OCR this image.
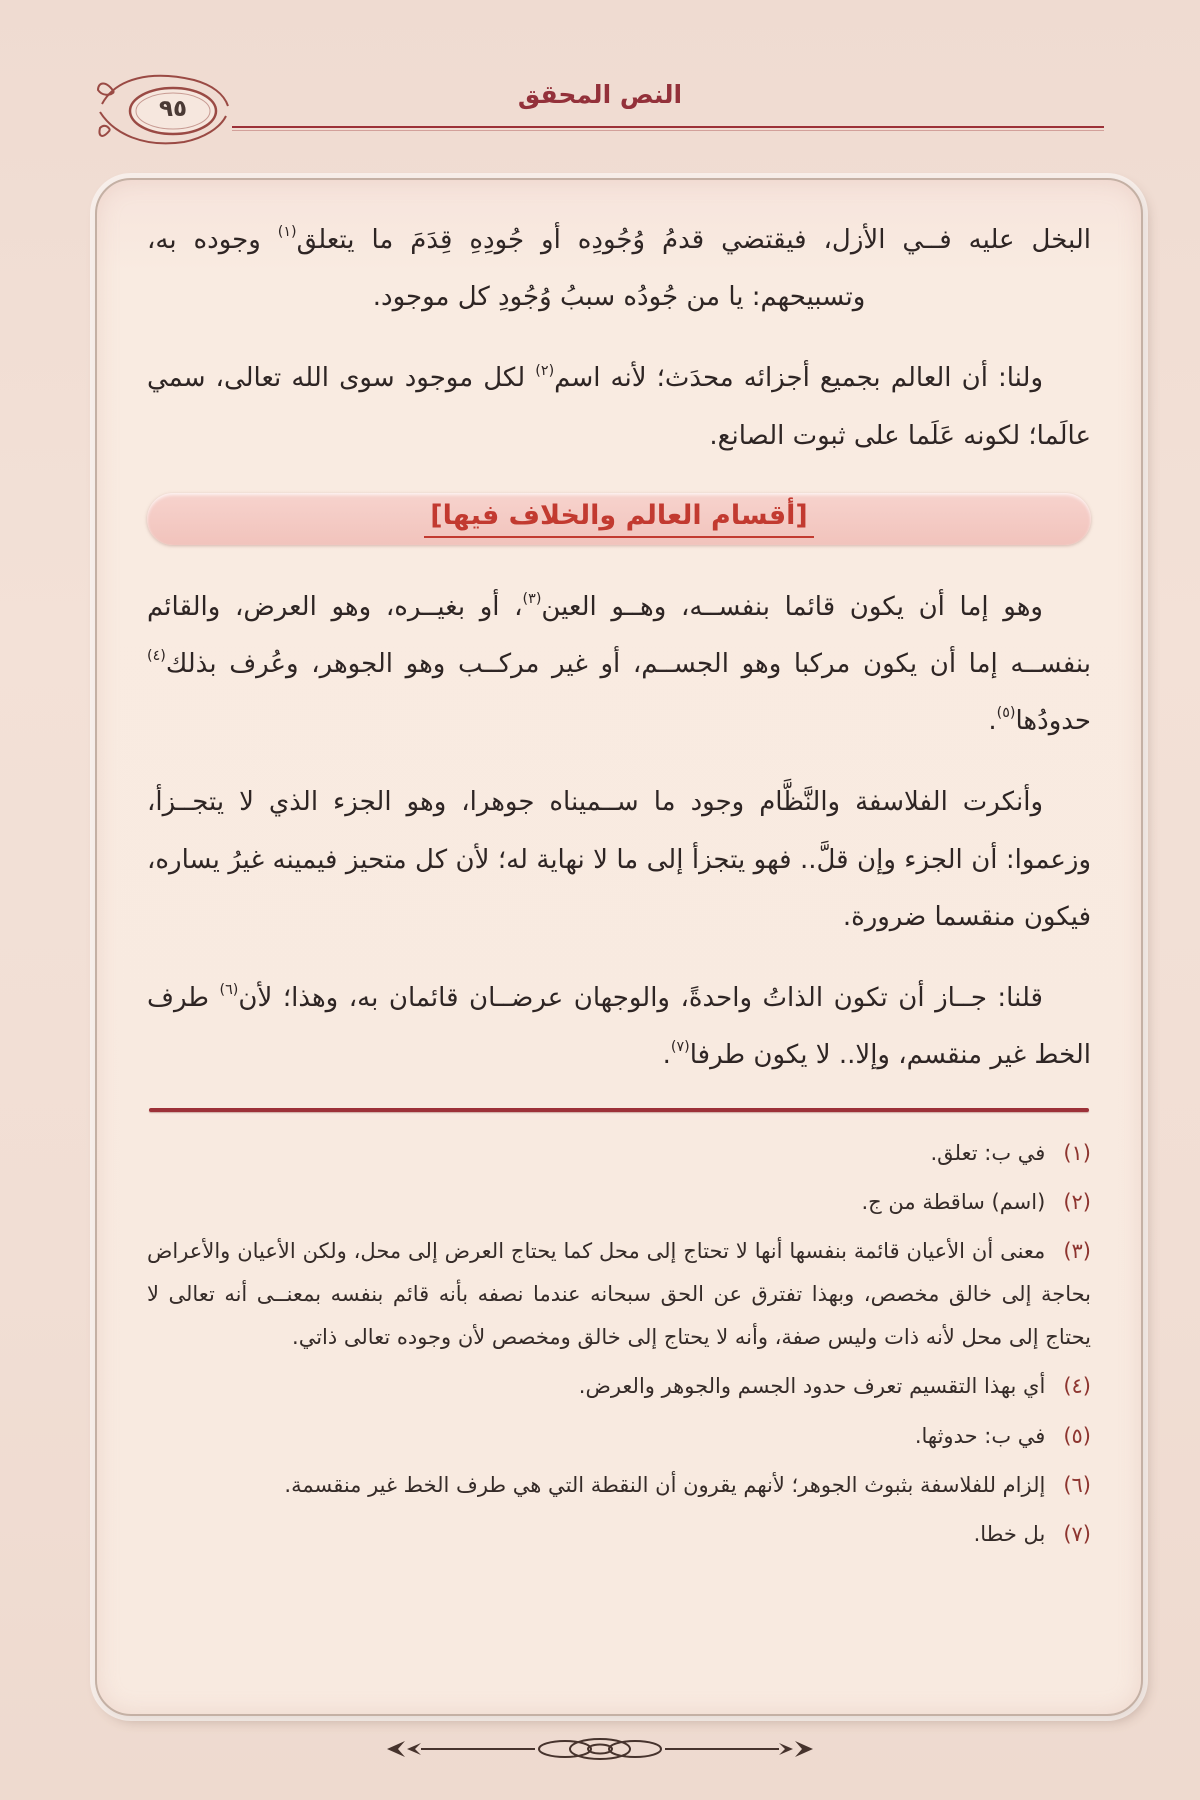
٩٥	النص المحقق

البخل عليه فــي الأزل، فيقتضي قدمُ وُجُودِه أو جُودِهِ قِدَمَ ما يتعلق$^{(١)}$ وجوده به، وتسبيحهم: يا من جُودُه سببُ وُجُودِ كل موجود.

ولنا: أن العالم بجميع أجزائه محدَث؛ لأنه اسم$^{(٢)}$ لكل موجود سوى الله تعالى، سمي عالَما؛ لكونه عَلَما على ثبوت الصانع.

[أقسام العالم والخلاف فيها]

وهو إما أن يكون قائما بنفســه، وهــو العين$^{(٣)}$، أو بغيــره، وهو العرض، والقائم بنفســه إما أن يكون مركبا وهو الجســم، أو غير مركــب وهو الجوهر، وعُرف بذلك$^{(٤)}$ حدودُها$^{(٥)}$.

وأنكرت الفلاسفة والنَّظَّام وجود ما ســميناه جوهرا، وهو الجزء الذي لا يتجــزأ، وزعموا: أن الجزء وإن قلَّ.. فهو يتجزأ إلى ما لا نهاية له؛ لأن كل متحيز فيمينه غيرُ يساره، فيكون منقسما ضرورة.

قلنا: جــاز أن تكون الذاتُ واحدةً، والوجهان عرضــان قائمان به، وهذا؛ لأن$^{(٦)}$ طرف الخط غير منقسم، وإلا.. لا يكون طرفا$^{(٧)}$.

(١)في ب: تعلق.
(٢)(اسم) ساقطة من ج.
(٣)معنى أن الأعيان قائمة بنفسها أنها لا تحتاج إلى محل كما يحتاج العرض إلى محل، ولكن الأعيان والأعراض بحاجة إلى خالق مخصص، وبهذا تفترق عن الحق سبحانه عندما نصفه بأنه قائم بنفسه بمعنــى أنه تعالى لا يحتاج إلى محل لأنه ذات وليس صفة، وأنه لا يحتاج إلى خالق ومخصص لأن وجوده تعالى ذاتي.
(٤)أي بهذا التقسيم تعرف حدود الجسم والجوهر والعرض.
(٥)في ب: حدوثها.
(٦)إلزام للفلاسفة بثبوث الجوهر؛ لأنهم يقرون أن النقطة التي هي طرف الخط غير منقسمة.
(٧)بل خطا.
